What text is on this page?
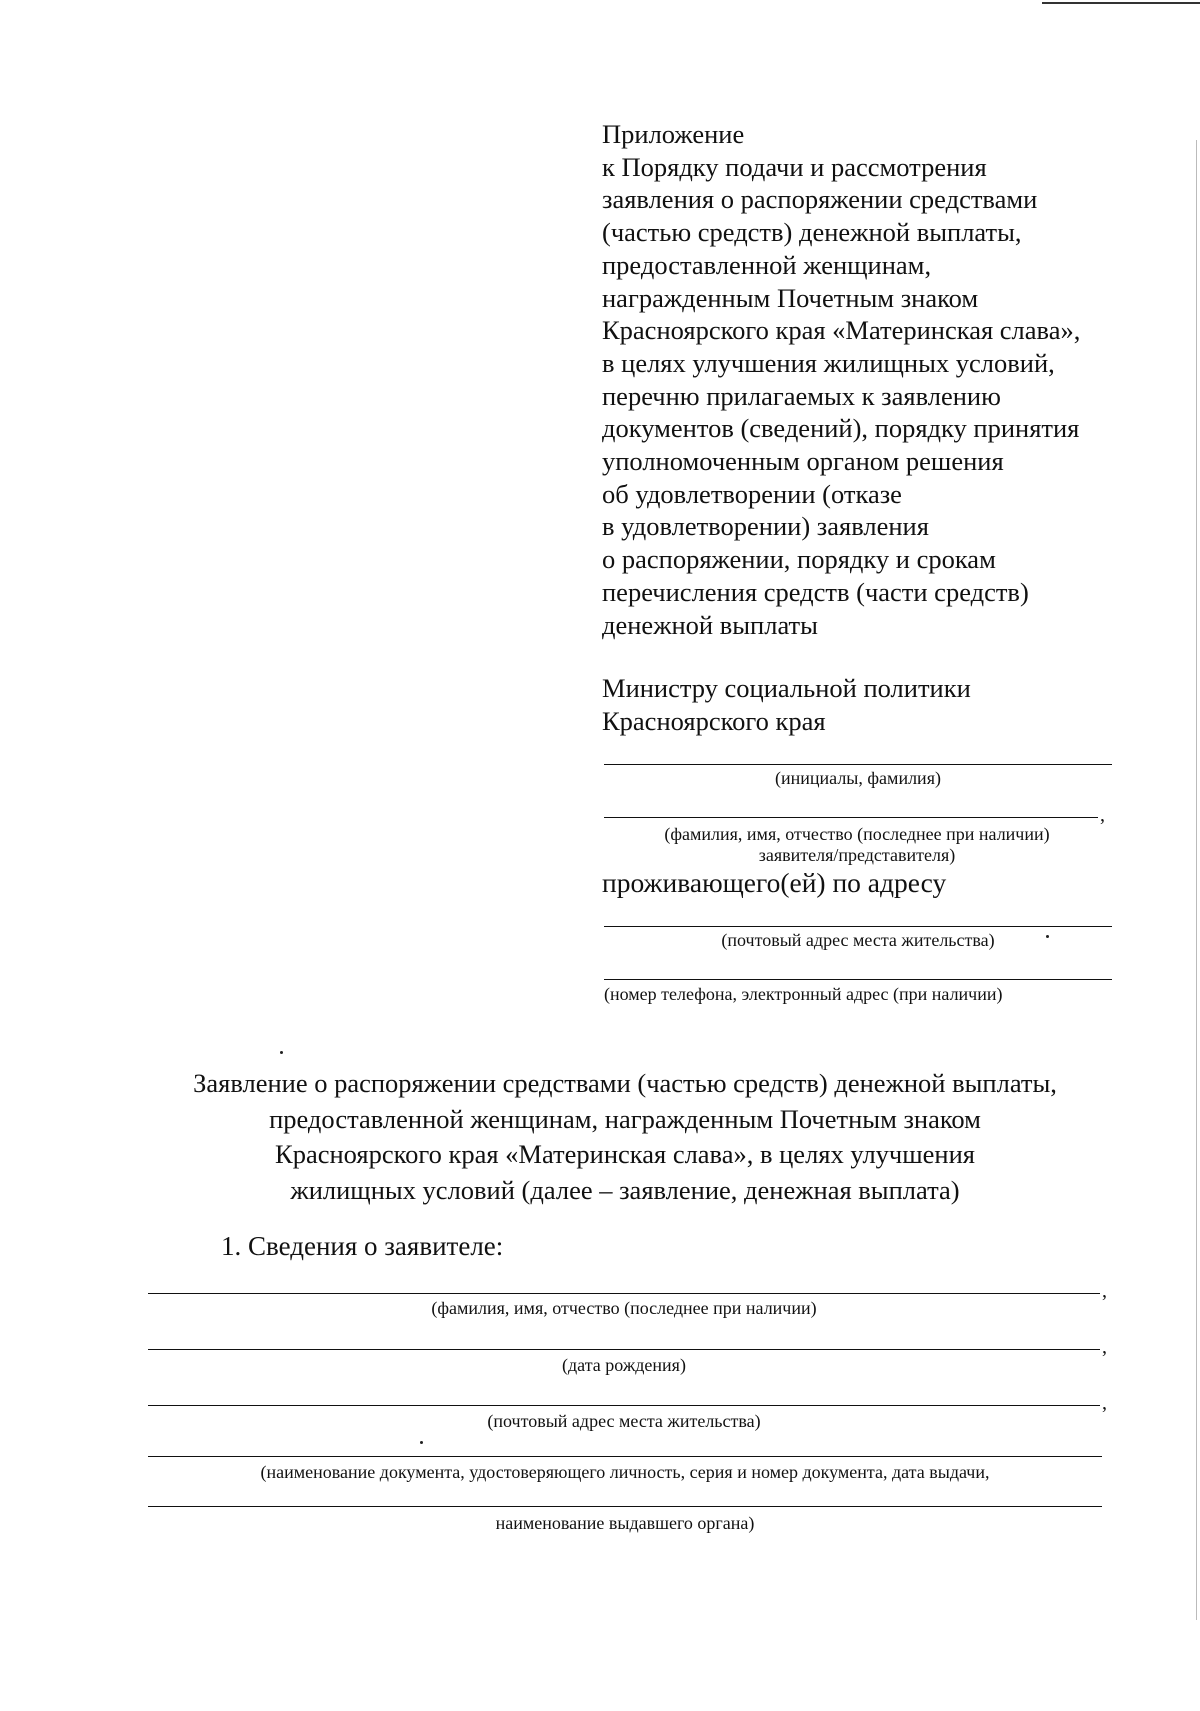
Приложение
к Порядку подачи и рассмотрения
заявления о распоряжении средствами
(частью средств) денежной выплаты,
предоставленной женщинам,
награжденным Почетным знаком
Красноярского края «Материнская слава»,
в целях улучшения жилищных условий,
перечню прилагаемых к заявлению
документов (сведений), порядку принятия
уполномоченным органом решения
об удовлетворении (отказе
в удовлетворении) заявления
о распоряжении, порядку и срокам
перечисления средств (части средств)
денежной выплаты
Министру социальной политики
Красноярского края
(инициалы, фамилия)
,
(фамилия, имя, отчество (последнее при наличии)
заявителя/представителя)
проживающего(ей) по адресу
(почтовый адрес места жительства)
(номер телефона, электронный адрес (при наличии)
Заявление о распоряжении средствами (частью средств) денежной выплаты,
предоставленной женщинам, награжденным Почетным знаком
Красноярского края «Материнская слава», в целях улучшения
жилищных условий (далее – заявление, денежная выплата)
1. Сведения о заявителе:
,
(фамилия, имя, отчество (последнее при наличии)
,
(дата рождения)
,
(почтовый адрес места жительства)
(наименование документа, удостоверяющего личность, серия и номер документа, дата выдачи,
наименование выдавшего органа)
